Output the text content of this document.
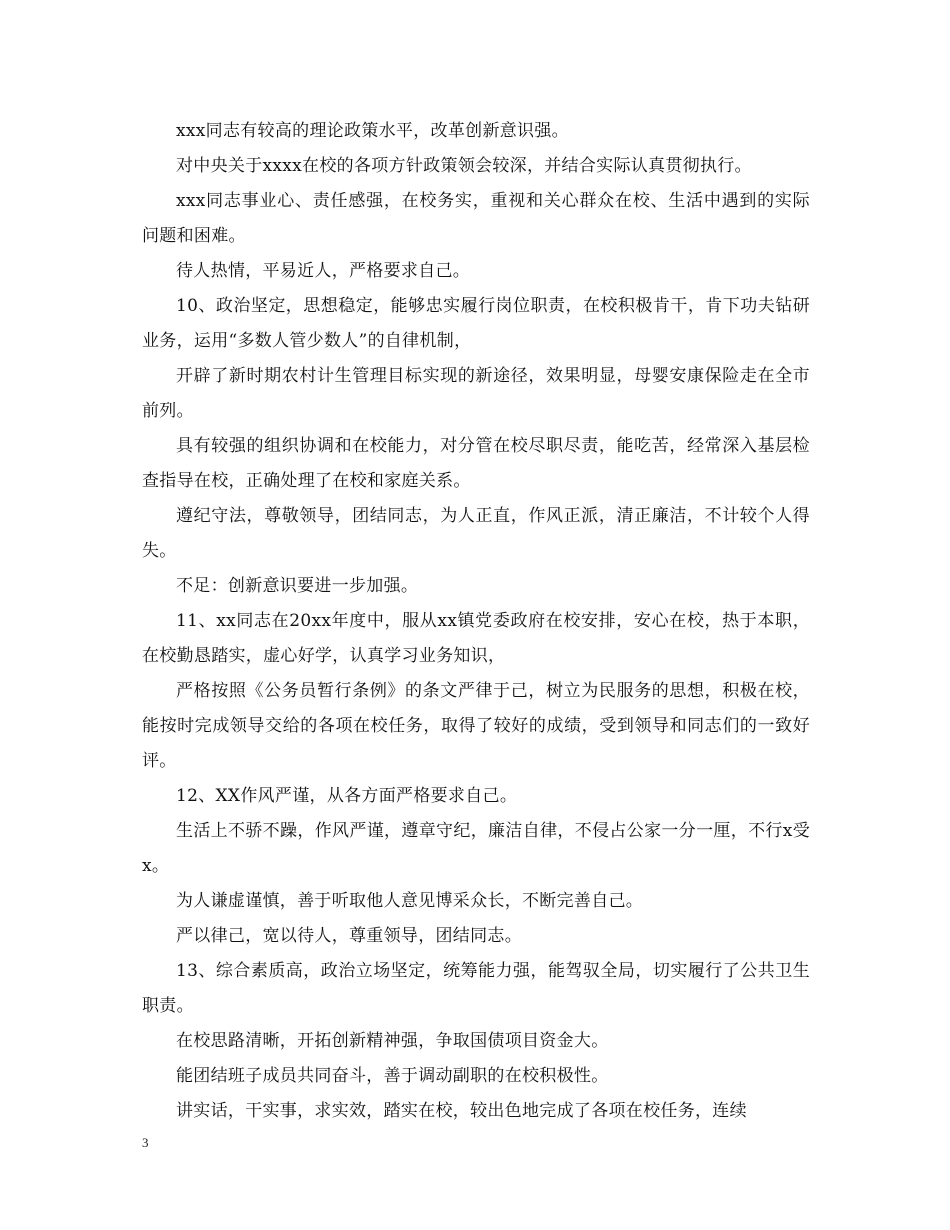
xxx同志有较高的理论政策水平，改革创新意识强。

对中央关于xxxx在校的各项方针政策领会较深，并结合实际认真贯彻执行。

xxx同志事业心、责任感强，在校务实，重视和关心群众在校、生活中遇到的实际问题和困难。

待人热情，平易近人，严格要求自己。

10、政治坚定，思想稳定，能够忠实履行岗位职责，在校积极肯干，肯下功夫钻研业务，运用“多数人管少数人”的自律机制，

开辟了新时期农村计生管理目标实现的新途径，效果明显，母婴安康保险走在全市前列。

具有较强的组织协调和在校能力，对分管在校尽职尽责，能吃苦，经常深入基层检查指导在校，正确处理了在校和家庭关系。

遵纪守法，尊敬领导，团结同志，为人正直，作风正派，清正廉洁，不计较个人得失。

不足：创新意识要进一步加强。

11、xx同志在20xx年度中，服从xx镇党委政府在校安排，安心在校，热于本职，在校勤恳踏实，虚心好学，认真学习业务知识，

严格按照《公务员暂行条例》的条文严律于己，树立为民服务的思想，积极在校，能按时完成领导交给的各项在校任务，取得了较好的成绩，受到领导和同志们的一致好评。

12、XX作风严谨，从各方面严格要求自己。

生活上不骄不躁，作风严谨，遵章守纪，廉洁自律，不侵占公家一分一厘，不行x受x。

为人谦虚谨慎，善于听取他人意见博采众长，不断完善自己。

严以律己，宽以待人，尊重领导，团结同志。

13、综合素质高，政治立场坚定，统筹能力强，能驾驭全局，切实履行了公共卫生职责。

在校思路清晰，开拓创新精神强，争取国债项目资金大。

能团结班子成员共同奋斗，善于调动副职的在校积极性。

讲实话，干实事，求实效，踏实在校，较出色地完成了各项在校任务，连续

3
